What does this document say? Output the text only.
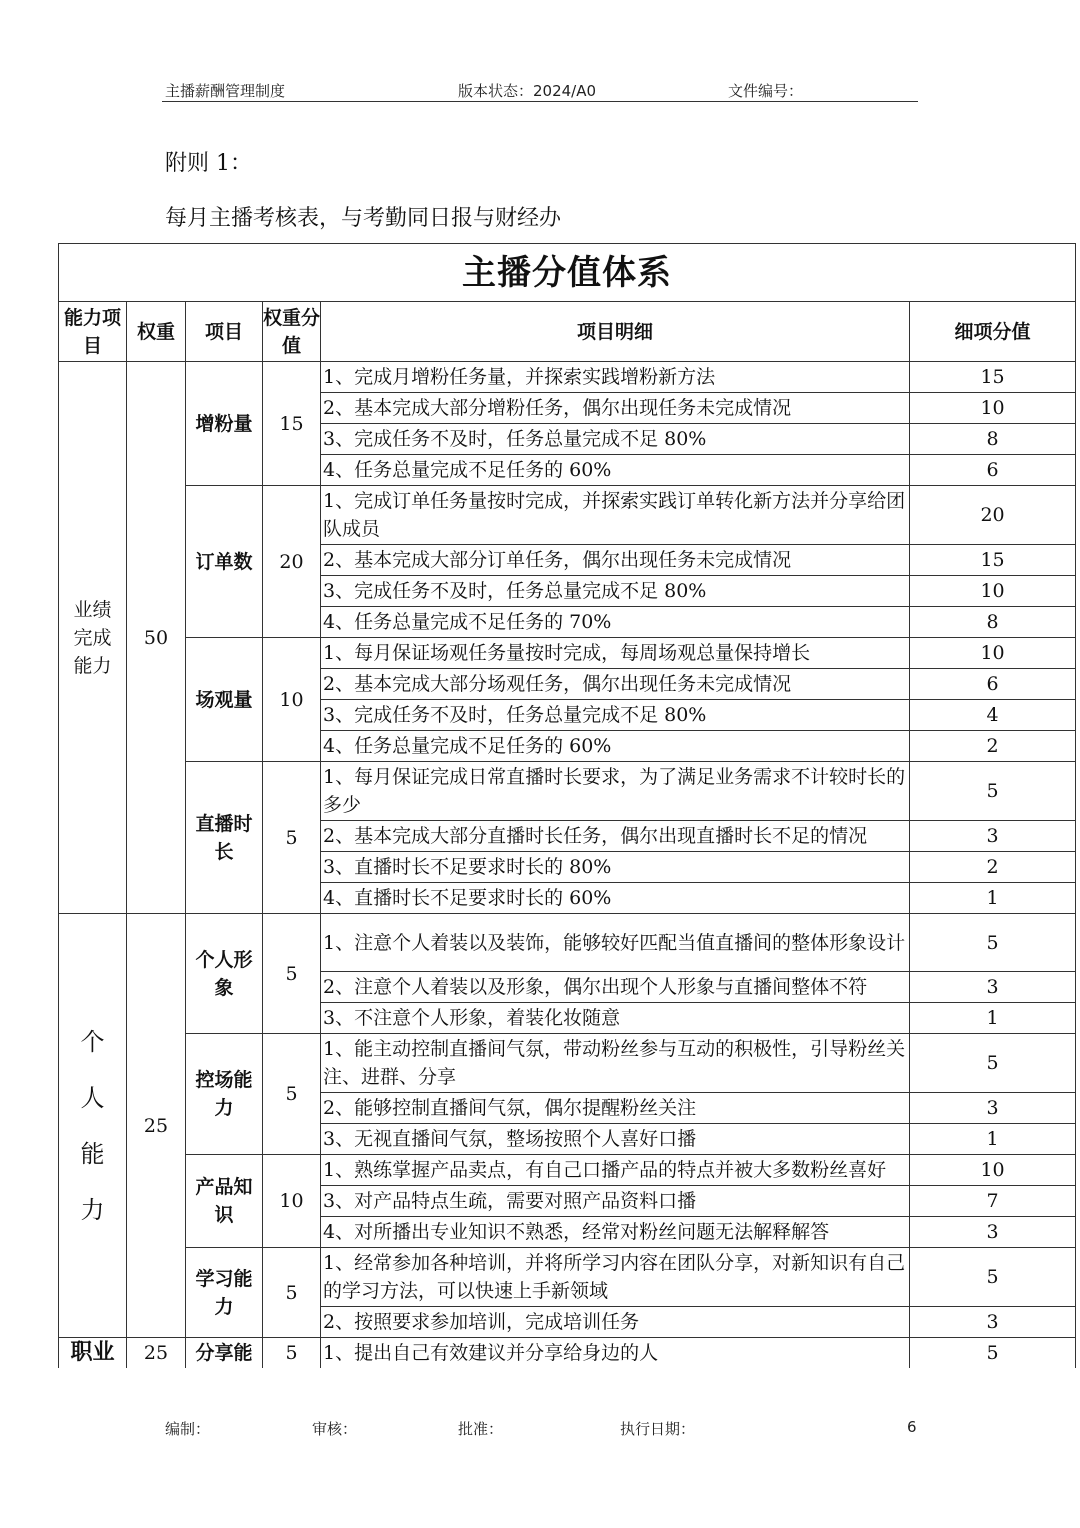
主播薪酬管理制度	版本状态：2024/A0	文件编号：
附则 1：
每月主播考核表，与考勤同日报与财经办
主播分值体系					
能力项目	权重	项目	权重分值	项目明细	细项分值
业绩完成能力	50	增粉量	15	1、完成月增粉任务量，并探索实践增粉新方法	15
				2、基本完成大部分增粉任务，偶尔出现任务未完成情况	10
				3、完成任务不及时，任务总量完成不足 80%	8
				4、任务总量完成不足任务的 60%	6
		订单数	20	1、完成订单任务量按时完成，并探索实践订单转化新方法并分享给团队成员	20
				2、基本完成大部分订单任务，偶尔出现任务未完成情况	15
				3、完成任务不及时，任务总量完成不足 80%	10
				4、任务总量完成不足任务的 70%	8
		场观量	10	1、每月保证场观任务量按时完成，每周场观总量保持增长	10
				2、基本完成大部分场观任务，偶尔出现任务未完成情况	6
				3、完成任务不及时，任务总量完成不足 80%	4
				4、任务总量完成不足任务的 60%	2
		直播时长	5	1、每月保证完成日常直播时长要求，为了满足业务需求不计较时长的多少	5
				2、基本完成大部分直播时长任务，偶尔出现直播时长不足的情况	3
				3、直播时长不足要求时长的 80%	2
				4、直播时长不足要求时长的 60%	1
个人能力	25	个人形象	5	1、注意个人着装以及装饰，能够较好匹配当值直播间的整体形象设计	5
				2、注意个人着装以及形象，偶尔出现个人形象与直播间整体不符	3
				3、不注意个人形象，着装化妆随意	1
		控场能力	5	1、能主动控制直播间气氛，带动粉丝参与互动的积极性，引导粉丝关注、进群、分享	5
				2、能够控制直播间气氛，偶尔提醒粉丝关注	3
				3、无视直播间气氛，整场按照个人喜好口播	1
		产品知识	10	1、熟练掌握产品卖点，有自己口播产品的特点并被大多数粉丝喜好	10
				3、对产品特点生疏，需要对照产品资料口播	7
				4、对所播出专业知识不熟悉，经常对粉丝问题无法解释解答	3
		学习能力	5	1、经常参加各种培训，并将所学习内容在团队分享，对新知识有自己的学习方法，可以快速上手新领域	5
				2、按照要求参加培训，完成培训任务	3
职业	25	分享能	5	1、提出自己有效建议并分享给身边的人	5
编制：	审核：	批准：	执行日期：	6
